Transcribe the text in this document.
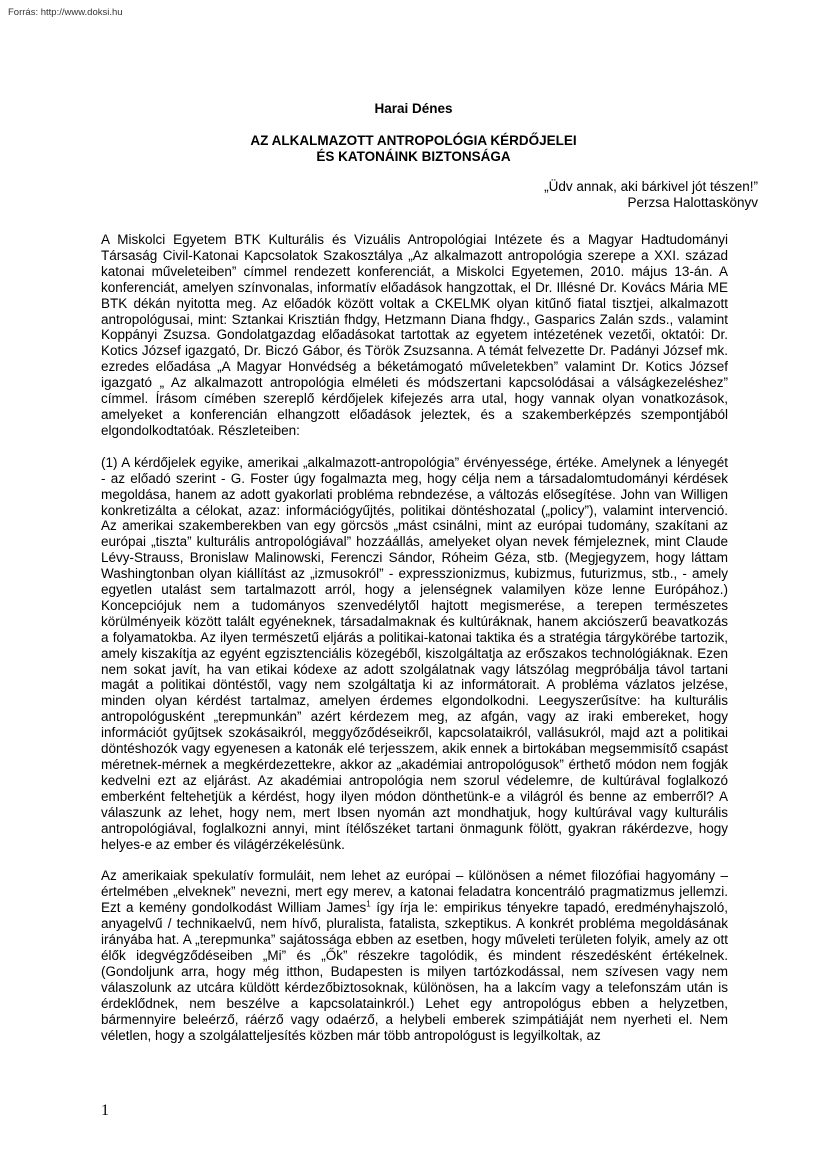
Forrás: http://www.doksi.hu
Harai Dénes
AZ ALKALMAZOTT ANTROPOLÓGIA KÉRDŐJELEI
ÉS KATONÁINK BIZTONSÁGA
„Üdv annak, aki bárkivel jót tészen!”
Perzsa Halottaskönyv

A Miskolci Egyetem BTK Kulturális és Vizuális Antropológiai Intézete és a Magyar Hadtudományi Társaság Civil-Katonai Kapcsolatok Szakosztálya „Az alkalmazott antropológia szerepe a XXI. század katonai műveleteiben” címmel rendezett konferenciát, a Miskolci Egyetemen, 2010. május 13-án. A konferenciát, amelyen színvonalas, informatív előadások hangzottak, el Dr. Illésné Dr. Kovács Mária ME BTK dékán nyitotta meg. Az előadók között voltak a CKELMK olyan kitűnő fiatal tisztjei, alkalmazott antropológusai, mint: Sztankai Krisztián fhdgy, Hetzmann Diana fhdgy., Gasparics Zalán szds., valamint Koppányi Zsuzsa. Gondolatgazdag előadásokat tartottak az egyetem intézetének vezetői, oktatói: Dr. Kotics József igazgató, Dr. Biczó Gábor, és Török Zsuzsanna. A témát felvezette Dr. Padányi József mk. ezredes előadása „A Magyar Honvédség a béketámogató műveletekben” valamint Dr. Kotics József igazgató „ Az alkalmazott antropológia elméleti és módszertani kapcsolódásai a válságkezeléshez” címmel. Írásom címében szereplő kérdőjelek kifejezés arra utal, hogy vannak olyan vonatkozások, amelyeket a konferencián elhangzott előadások jeleztek, és a szakemberképzés szempontjából elgondolkodtatóak. Részleteiben:

(1) A kérdőjelek egyike, amerikai „alkalmazott-antropológia” érvényessége, értéke. Amelynek a lényegét - az előadó szerint - G. Foster úgy fogalmazta meg, hogy célja nem a társadalomtudományi kérdések megoldása, hanem az adott gyakorlati probléma rebndezése, a változás elősegítése. John van Willigen konkretizálta a célokat, azaz: információgyűjtés, politikai döntéshozatal („policy”), valamint intervenció. Az amerikai szakemberekben van egy görcsös „mást csinálni, mint az európai tudomány, szakítani az európai „tiszta” kulturális antropológiával” hozzáállás, amelyeket olyan nevek fémjeleznek, mint Claude Lévy-Strauss, Bronislaw Malinowski, Ferenczi Sándor, Róheim Géza, stb. (Megjegyzem, hogy láttam Washingtonban olyan kiállítást az „izmusokról” - expresszionizmus, kubizmus, futurizmus, stb., - amely egyetlen utalást sem tartalmazott arról, hogy a jelenségnek valamilyen köze lenne Európához.) Koncepciójuk nem a tudományos szenvedélytől hajtott megismerése, a terepen természetes körülményeik között talált egyéneknek, társadalmaknak és kultúráknak, hanem akciószerű beavatkozás a folyamatokba. Az ilyen természetű eljárás a politikai-katonai taktika és a stratégia tárgykörébe tartozik, amely kiszakítja az egyént egzisztenciális közegéből, kiszolgáltatja az erőszakos technológiáknak. Ezen nem sokat javít, ha van etikai kódexe az adott szolgálatnak vagy látszólag megpróbálja távol tartani magát a politikai döntéstől, vagy nem szolgáltatja ki az informátorait. A probléma vázlatos jelzése, minden olyan kérdést tartalmaz, amelyen érdemes elgondolkodni. Leegyszerűsítve: ha kulturális antropológusként „terepmunkán” azért kérdezem meg, az afgán, vagy az iraki embereket, hogy információt gyűjtsek szokásaikról, meggyőződéseikről, kapcsolataikról, vallásukról, majd azt a politikai döntéshozók vagy egyenesen a katonák elé terjesszem, akik ennek a birtokában megsemmisítő csapást méretnek-mérnek a megkérdezettekre, akkor az „akadémiai antropológusok” érthető módon nem fogják kedvelni ezt az eljárást. Az akadémiai antropológia nem szorul védelemre, de kultúrával foglalkozó emberként feltehetjük a kérdést, hogy ilyen módon dönthetünk-e a világról és benne az emberről? A válaszunk az lehet, hogy nem, mert Ibsen nyomán azt mondhatjuk, hogy kultúrával vagy kulturális antropológiával, foglalkozni annyi, mint ítélőszéket tartani önmagunk fölött, gyakran rákérdezve, hogy helyes-e az ember és világérzékelésünk.

Az amerikaiak spekulatív formuláit, nem lehet az európai – különösen a német filozófiai hagyomány – értelmében „elveknek” nevezni, mert egy merev, a katonai feladatra koncentráló pragmatizmus jellemzi. Ezt a kemény gondolkodást William James$^1$ így írja le: empirikus tényekre tapadó, eredményhajszoló, anyagelvű / technikaelvű, nem hívő, pluralista, fatalista, szkeptikus. A konkrét probléma megoldásának irányába hat. A „terepmunka” sajátossága ebben az esetben, hogy műveleti területen folyik, amely az ott élők idegvégződéseiben „Mi” és „Ők” részekre tagolódik, és mindent részedésként értékelnek. (Gondoljunk arra, hogy még itthon, Budapesten is milyen tartózkodással, nem szívesen vagy nem válaszolunk az utcára küldött kérdezőbiztosoknak, különösen, ha a lakcím vagy a telefonszám után is érdeklődnek, nem beszélve a kapcsolatainkról.) Lehet egy antropológus ebben a helyzetben, bármennyire beleérző, ráérző vagy odaérző, a helybeli emberek szimpátiáját nem nyerheti el. Nem véletlen, hogy a szolgálatteljesítés közben már több antropológust is legyilkoltak, az

1
